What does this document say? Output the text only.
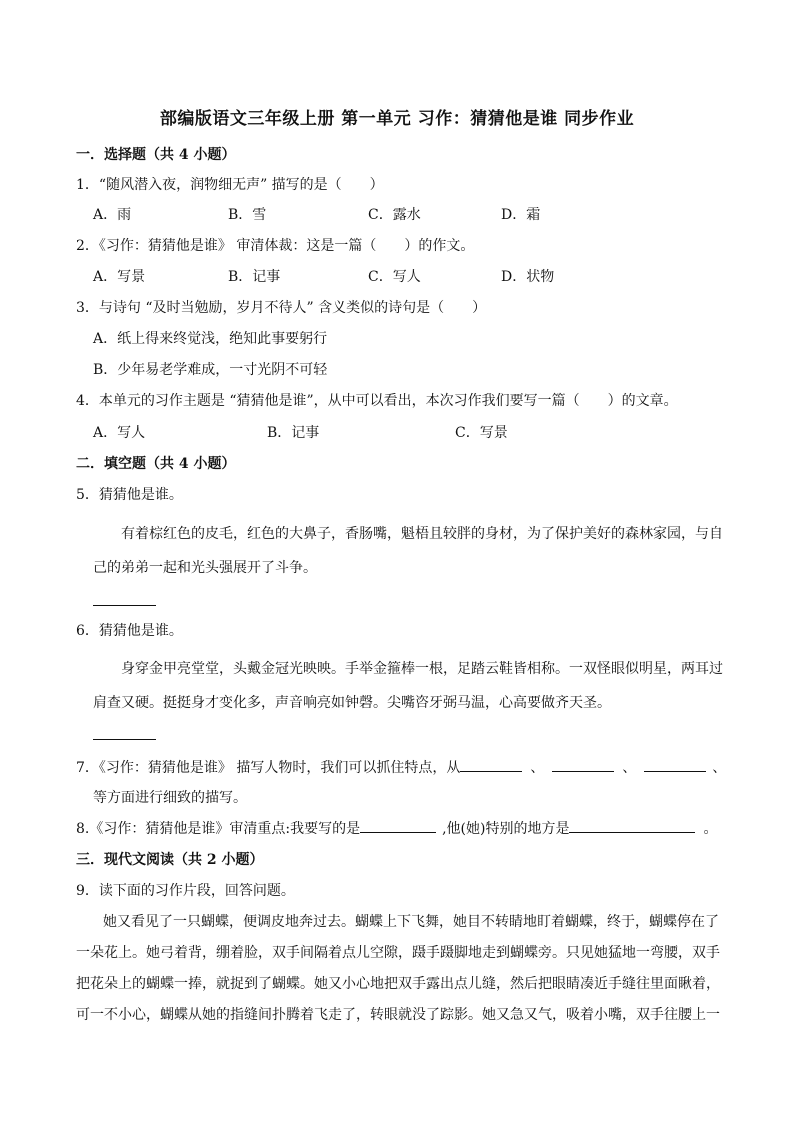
部编版语文三年级上册 第一单元 习作：猜猜他是谁 同步作业
一．选择题（共 4 小题）
1．“随风潜入夜，润物细无声” 描写的是（　　）
A．雨	B．雪	C．露水	D．霜
2．《习作：猜猜他是谁》 审清体裁：这是一篇（　　）的作文。
A．写景	B．记事	C．写人	D．状物
3．与诗句 “及时当勉励，岁月不待人” 含义类似的诗句是（　　）
A．纸上得来终觉浅，绝知此事要躬行
B．少年易老学难成，一寸光阴不可轻
4．本单元的习作主题是 “猜猜他是谁”，从中可以看出，本次习作我们要写一篇（　　）的文章。
A．写人	B．记事	C．写景
二．填空题（共 4 小题）
5．猜猜他是谁。
有着棕红色的皮毛，红色的大鼻子，香肠嘴，魁梧且较胖的身材，为了保护美好的森林家园，与自
己的弟弟一起和光头强展开了斗争。
6．猜猜他是谁。
身穿金甲亮堂堂，头戴金冠光映映。手举金箍棒一根，足踏云鞋皆相称。一双怪眼似明星，两耳过
肩查又硬。挺挺身才变化多，声音响亮如钟磬。尖嘴咨牙弼马温，心高要做齐天圣。
7．《习作：猜猜他是谁》 描写人物时，我们可以抓住特点，从	、	、	、
等方面进行细致的描写。
8.《习作：猜猜他是谁》审清重点:我要写的是	,他(她)特别的地方是	。
三．现代文阅读（共 2 小题）
9．读下面的习作片段，回答问题。
她又看见了一只蝴蝶，便调皮地奔过去。蝴蝶上下飞舞，她目不转睛地盯着蝴蝶，终于，蝴蝶停在了
一朵花上。她弓着背，绷着脸，双手间隔着点儿空隙，蹑手蹑脚地走到蝴蝶旁。只见她猛地一弯腰，双手
把花朵上的蝴蝶一捧，就捉到了蝴蝶。她又小心地把双手露出点儿缝，然后把眼睛凑近手缝往里面瞅着，
可一不小心，蝴蝶从她的指缝间扑腾着飞走了，转眼就没了踪影。她又急又气，吸着小嘴，双手往腰上一
